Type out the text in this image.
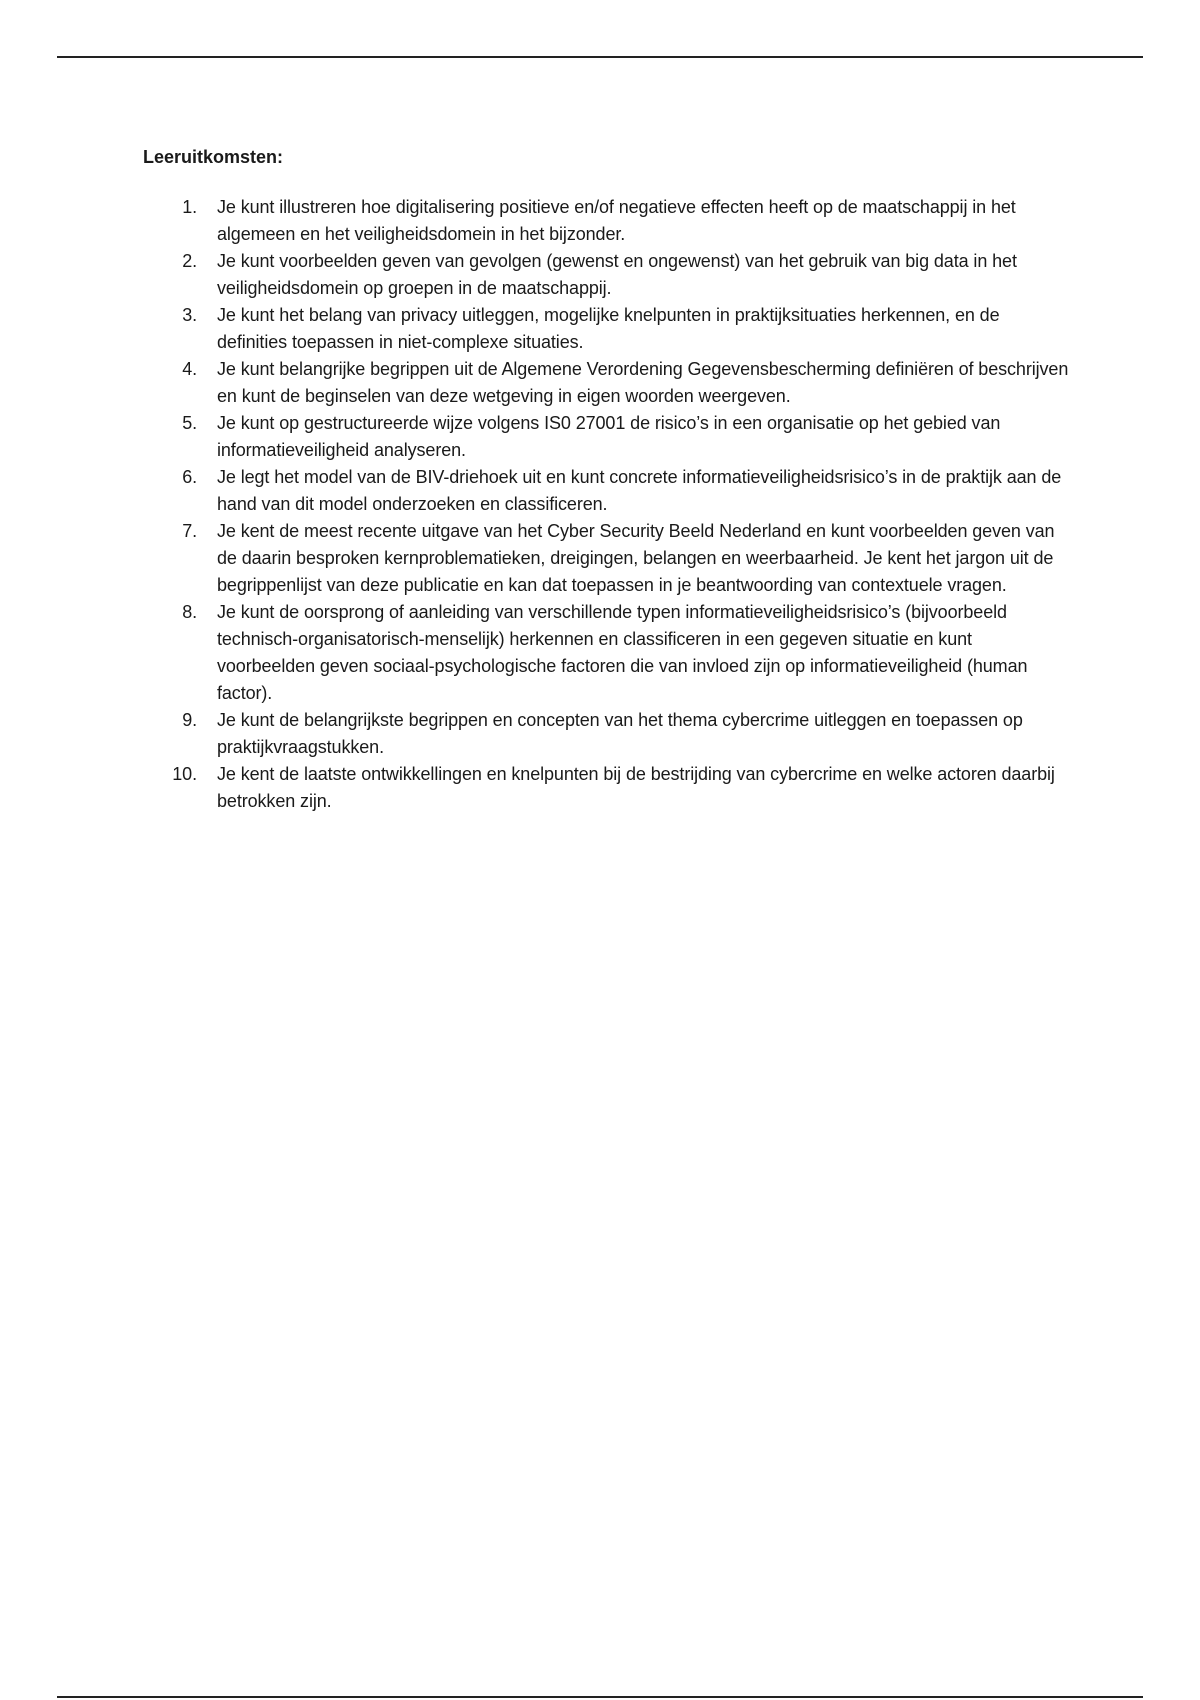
Leeruitkomsten:
1. Je kunt illustreren hoe digitalisering positieve en/of negatieve effecten heeft op de maatschappij in het algemeen en het veiligheidsdomein in het bijzonder.
2. Je kunt voorbeelden geven van gevolgen (gewenst en ongewenst) van het gebruik van big data in het veiligheidsdomein op groepen in de maatschappij.
3. Je kunt het belang van privacy uitleggen, mogelijke knelpunten in praktijksituaties herkennen, en de definities toepassen in niet-complexe situaties.
4. Je kunt belangrijke begrippen uit de Algemene Verordening Gegevensbescherming definiëren of beschrijven en kunt de beginselen van deze wetgeving in eigen woorden weergeven.
5. Je kunt op gestructureerde wijze volgens IS0 27001 de risico’s in een organisatie op het gebied van informatieveiligheid analyseren.
6. Je legt het model van de BIV-driehoek uit en kunt concrete informatieveiligheidsrisico’s in de praktijk aan de hand van dit model onderzoeken en classificeren.
7. Je kent de meest recente uitgave van het Cyber Security Beeld Nederland en kunt voorbeelden geven van de daarin besproken kernproblematieken, dreigingen, belangen en weerbaarheid. Je kent het jargon uit de begrippenlijst van deze publicatie en kan dat toepassen in je beantwoording van contextuele vragen.
8. Je kunt de oorsprong of aanleiding van verschillende typen informatieveiligheidsrisico’s (bijvoorbeeld technisch-organisatorisch-menselijk) herkennen en classificeren in een gegeven situatie en kunt voorbeelden geven sociaal-psychologische factoren die van invloed zijn op informatieveiligheid (human factor).
9. Je kunt de belangrijkste begrippen en concepten van het thema cybercrime uitleggen en toepassen op praktijkvraagstukken.
10. Je kent de laatste ontwikkellingen en knelpunten bij de bestrijding van cybercrime en welke actoren daarbij betrokken zijn.
